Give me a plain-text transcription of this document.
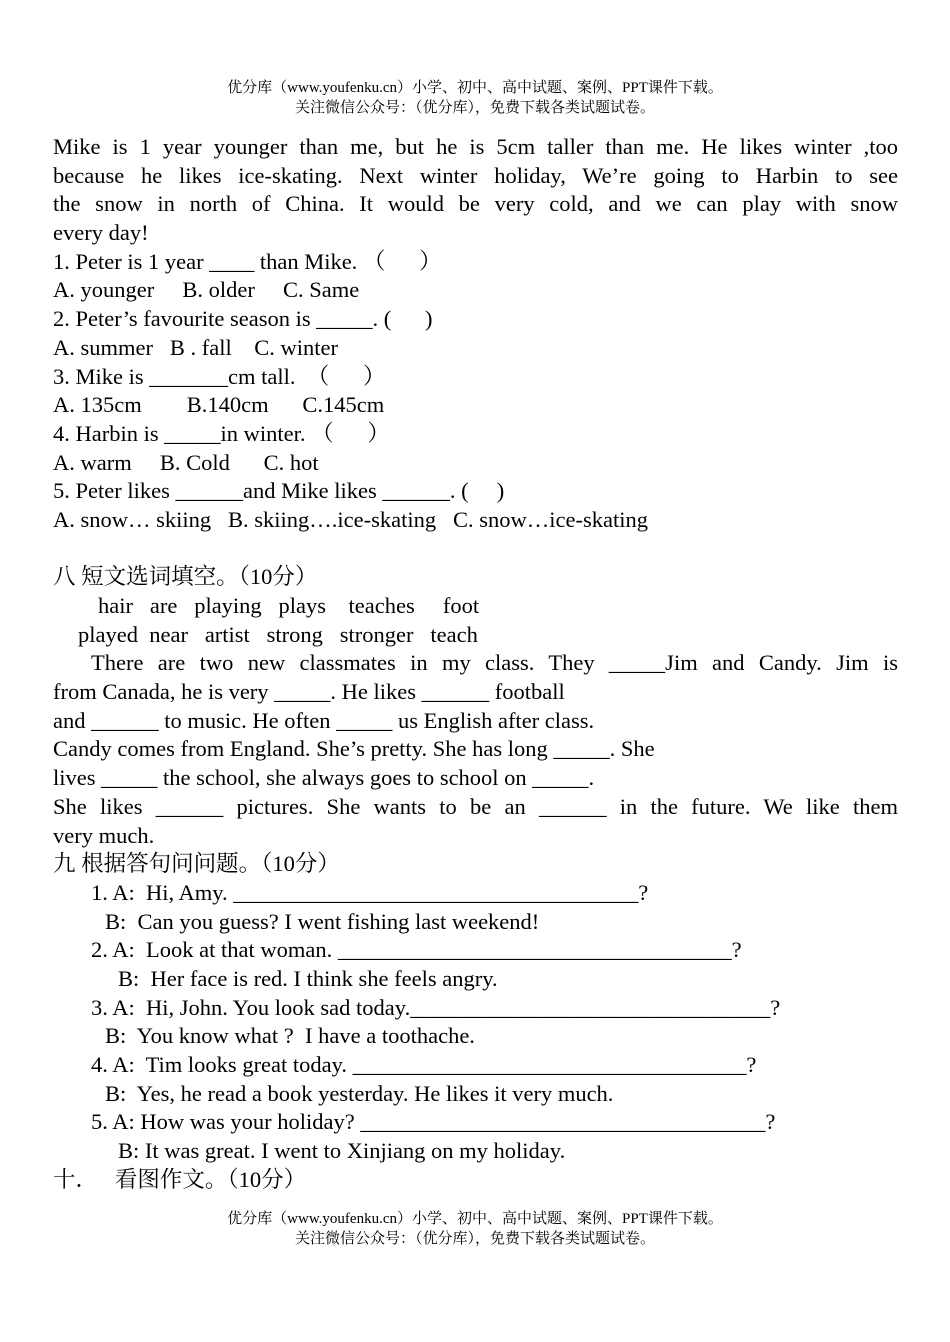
优分库（www.youfenku.cn）小学、初中、高中试题、案例、PPT课件下载。
关注微信公众号：（优分库），免费下载各类试题试卷。
Mike is 1 year younger than me, but he is 5cm taller than me. He likes winter ,too
because he likes ice-skating. Next winter holiday, We’re going to Harbin to see
the snow in north of China. It would be very cold, and we can play with snow
every day!
1. Peter is 1 year ____ than Mike. （      ）
A. younger     B. older     C. Same
2. Peter’s favourite season is _____. (      )
A. summer   B . fall    C. winter
3. Mike is _______cm tall.  （      ）
A. 135cm        B.140cm      C.145cm
4. Harbin is _____in winter. （      ）
A. warm     B. Cold      C. hot
5. Peter likes ______and Mike likes ______. (     )
A. snow… skiing   B. skiing….ice-skating   C. snow…ice-skating
八 短文选词填空。（10分）
hair   are   playing   plays    teaches     foot
played  near   artist   strong   stronger   teach
There are two new classmates in my class. They _____Jim and Candy. Jim is
from Canada, he is very _____. He likes ______ football
and ______ to music. He often _____ us English after class.
Candy comes from England. She’s pretty. She has long _____. She
lives _____ the school, she always goes to school on _____.
She likes ______ pictures. She wants to be an ______ in the future. We like them
very much.
九 根据答句问问题。（10分）
1. A:  Hi, Amy. ____________________________________?
B:  Can you guess? I went fishing last weekend!
2. A:  Look at that woman. ___________________________________?
B:  Her face is red. I think she feels angry.
3. A:  Hi, John. You look sad today.________________________________?
B:  You know what ?  I have a toothache.
4. A:  Tim looks great today. ___________________________________?
B:  Yes, he read a book yesterday. He likes it very much.
5. A: How was your holiday? ____________________________________?
B: It was great. I went to Xinjiang on my holiday.
十．   看图作文。（10分）
优分库（www.youfenku.cn）小学、初中、高中试题、案例、PPT课件下载。
关注微信公众号：（优分库），免费下载各类试题试卷。
